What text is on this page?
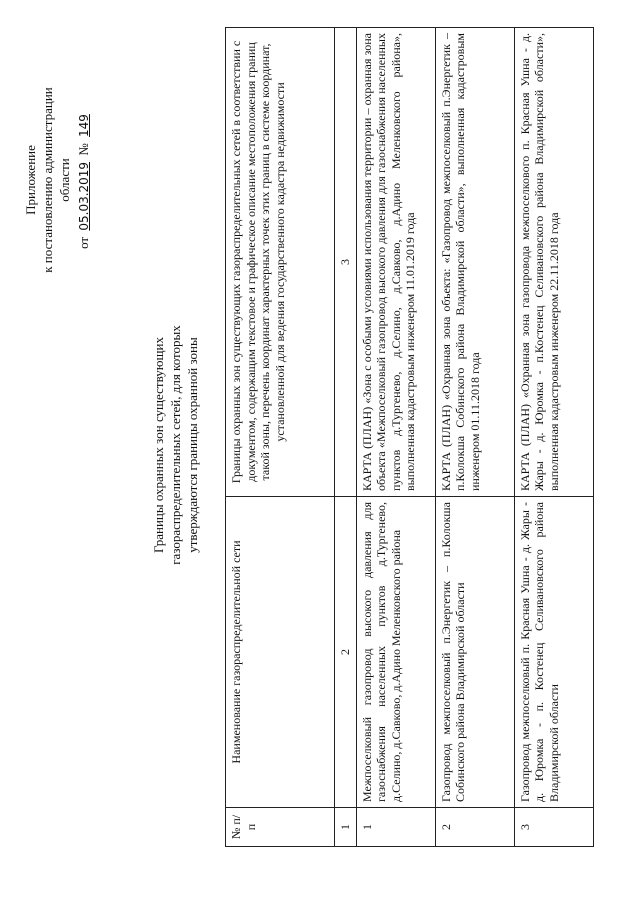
Приложение к постановлению администрации области
от 05.03.2019 № 149
Границы охранных зон существующих газораспределительных сетей, для которых утверждаются границы охранной зоны
№ п/п	Наименование газораспределительной сети	Границы охранных зон существующих газораспределительных сетей в соответствии с документом, содержащим текстовое и графическое описание местоположения границ такой зоны, перечень координат характерных точек этих границ в системе координат, установленной для ведения государственного кадастра недвижимости
1	2	3
1	Межпоселковый газопровод высокого давления для газоснабжения населенных пунктов д.Тургенево, д.Селино, д.Савково, д.Адино Меленковского района	КАРТА (ПЛАН) «Зона с особыми условиями использования территории – охранная зона объекта «Межпоселковый газопровод высокого давления для газоснабжения населенных пунктов д.Тургенево, д.Селино, д.Савково, д.Адино Меленковского района», выполненная кадастровым инженером 11.01.2019 года
2	Газопровод межпоселковый п.Энергетик – п.Колокша Собинского района Владимирской области	КАРТА (ПЛАН) «Охранная зона объекта: «Газопровод межпоселковый п.Энергетик – п.Колокша Собинского района Владимирской области», выполненная кадастровым инженером 01.11.2018 года
3	Газопровод межпоселковый п. Красная Ушна - д. Жары - д. Юромка - п. Костенец Селивановского района Владимирской области	КАРТА (ПЛАН) «Охранная зона газопровода межпоселкового п. Красная Ушна - д. Жары - д. Юромка - п.Костенец Селивановского района Владимирской области», выполненная кадастровым инженером 22.11.2018 года
